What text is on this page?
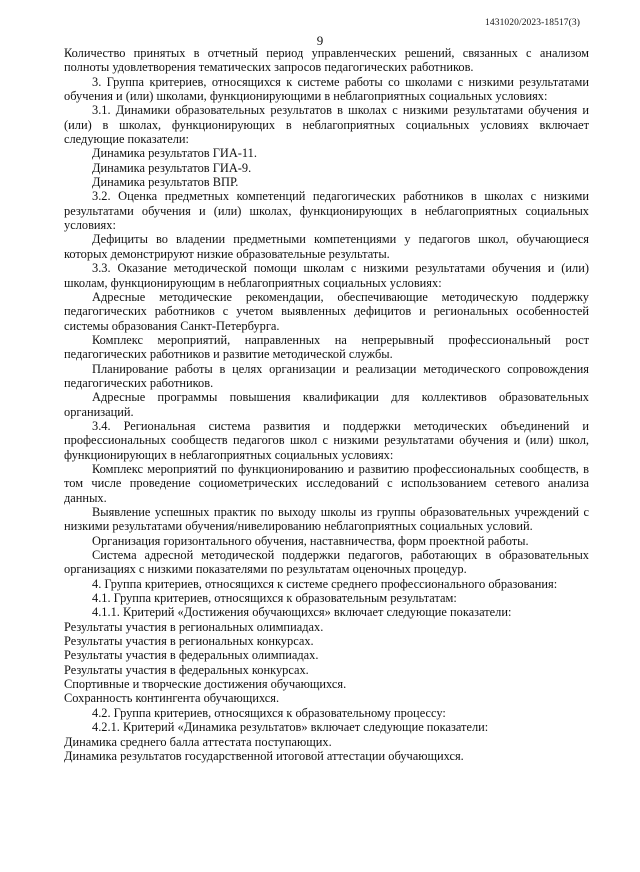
1431020/2023-18517(3)
9

Количество принятых в отчетный период управленческих решений, связанных с анализом полноты удовлетворения тематических запросов педагогических работников.

3. Группа критериев, относящихся к системе работы со школами с низкими результатами обучения и (или) школами, функционирующими в неблагоприятных социальных условиях:

3.1. Динамики образовательных результатов в школах с низкими результатами обучения и (или) в школах, функционирующих в неблагоприятных социальных условиях включает следующие показатели:

Динамика результатов ГИА-11.

Динамика результатов ГИА-9.

Динамика результатов ВПР.

3.2. Оценка предметных компетенций педагогических работников в школах с низкими результатами обучения и (или) школах, функционирующих в неблагоприятных социальных условиях:

Дефициты во владении предметными компетенциями у педагогов школ, обучающиеся которых демонстрируют низкие образовательные результаты.

3.3. Оказание методической помощи школам с низкими результатами обучения и (или) школам, функционирующим в неблагоприятных социальных условиях:

Адресные методические рекомендации, обеспечивающие методическую поддержку педагогических работников с учетом выявленных дефицитов и региональных особенностей системы образования Санкт-Петербурга.

Комплекс мероприятий, направленных на непрерывный профессиональный рост педагогических работников и развитие методической службы.

Планирование работы в целях организации и реализации методического сопровождения педагогических работников.

Адресные программы повышения квалификации для коллективов образовательных организаций.

3.4. Региональная система развития и поддержки методических объединений и профессиональных сообществ педагогов школ с низкими результатами обучения и (или) школ, функционирующих в неблагоприятных социальных условиях:

Комплекс мероприятий по функционированию и развитию профессиональных сообществ, в том числе проведение социометрических исследований с использованием сетевого анализа данных.

Выявление успешных практик по выходу школы из группы образовательных учреждений с низкими результатами обучения/нивелированию неблагоприятных социальных условий.

Организация горизонтального обучения, наставничества, форм проектной работы.

Система адресной методической поддержки педагогов, работающих в образовательных организациях с низкими показателями по результатам оценочных процедур.

4. Группа критериев, относящихся к системе среднего профессионального образования:

4.1. Группа критериев, относящихся к образовательным результатам:

4.1.1. Критерий «Достижения обучающихся» включает следующие показатели:

Результаты участия в региональных олимпиадах.

Результаты участия в региональных конкурсах.

Результаты участия в федеральных олимпиадах.

Результаты участия в федеральных конкурсах.

Спортивные и творческие достижения обучающихся.

Сохранность контингента обучающихся.

4.2. Группа критериев, относящихся к образовательному процессу:

4.2.1. Критерий «Динамика результатов» включает следующие показатели:

Динамика среднего балла аттестата поступающих.

Динамика результатов государственной итоговой аттестации обучающихся.
